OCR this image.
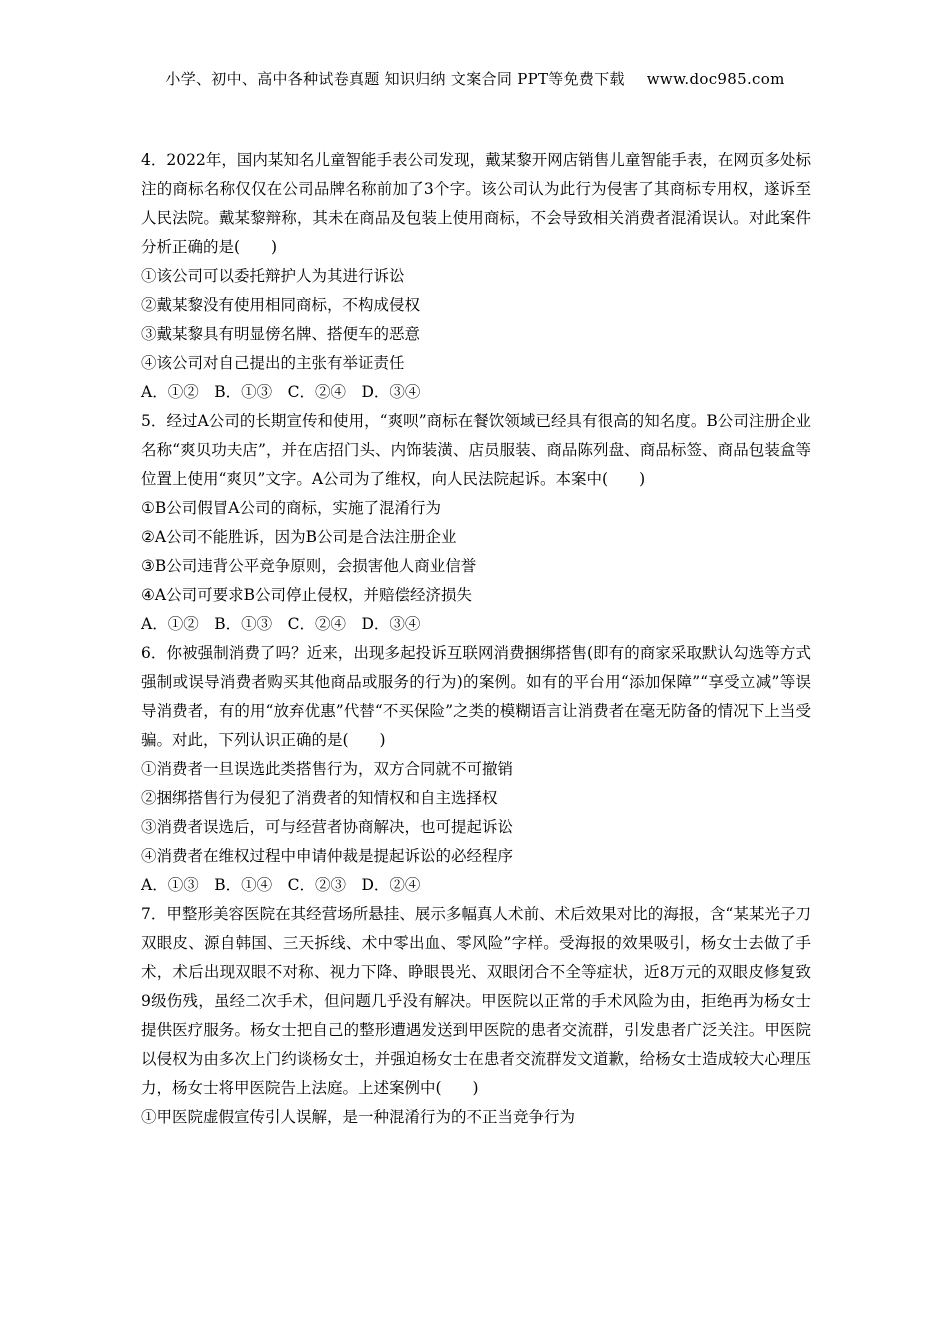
小学、初中、高中各种试卷真题 知识归纳 文案合同 PPT等免费下载 www.doc985.com
4．2022年，国内某知名儿童智能手表公司发现，戴某黎开网店销售儿童智能手表，在网页多处标注的商标名称仅仅在公司品牌名称前加了3个字。该公司认为此行为侵害了其商标专用权，遂诉至人民法院。戴某黎辩称，其未在商品及包装上使用商标，不会导致相关消费者混淆误认。对此案件分析正确的是(　　)
①该公司可以委托辩护人为其进行诉讼
②戴某黎没有使用相同商标，不构成侵权
③戴某黎具有明显傍名牌、搭便车的恶意
④该公司对自己提出的主张有举证责任
A．①②　B．①③　C．②④　D．③④
5．经过A公司的长期宣传和使用，“爽呗”商标在餐饮领域已经具有很高的知名度。B公司注册企业名称“爽贝功夫店”，并在店招门头、内饰装潢、店员服装、商品陈列盘、商品标签、商品包装盒等位置上使用“爽贝”文字。A公司为了维权，向人民法院起诉。本案中(　　)
①B公司假冒A公司的商标，实施了混淆行为
②A公司不能胜诉，因为B公司是合法注册企业
③B公司违背公平竞争原则，会损害他人商业信誉
④A公司可要求B公司停止侵权，并赔偿经济损失
A．①②　B．①③　C．②④　D．③④
6．你被强制消费了吗？近来，出现多起投诉互联网消费捆绑搭售(即有的商家采取默认勾选等方式强制或误导消费者购买其他商品或服务的行为)的案例。如有的平台用“添加保障”“享受立减”等误导消费者，有的用“放弃优惠”代替“不买保险”之类的模糊语言让消费者在毫无防备的情况下上当受骗。对此，下列认识正确的是(　　)
①消费者一旦误选此类搭售行为，双方合同就不可撤销
②捆绑搭售行为侵犯了消费者的知情权和自主选择权
③消费者误选后，可与经营者协商解决，也可提起诉讼
④消费者在维权过程中申请仲裁是提起诉讼的必经程序
A．①③　B．①④　C．②③　D．②④
7．甲整形美容医院在其经营场所悬挂、展示多幅真人术前、术后效果对比的海报，含“某某光子刀双眼皮、源自韩国、三天拆线、术中零出血、零风险”字样。受海报的效果吸引，杨女士去做了手术，术后出现双眼不对称、视力下降、睁眼畏光、双眼闭合不全等症状，近8万元的双眼皮修复致9级伤残，虽经二次手术，但问题几乎没有解决。甲医院以正常的手术风险为由，拒绝再为杨女士提供医疗服务。杨女士把自己的整形遭遇发送到甲医院的患者交流群，引发患者广泛关注。甲医院以侵权为由多次上门约谈杨女士，并强迫杨女士在患者交流群发文道歉，给杨女士造成较大心理压力，杨女士将甲医院告上法庭。上述案例中(　　)
①甲医院虚假宣传引人误解，是一种混淆行为的不正当竞争行为
